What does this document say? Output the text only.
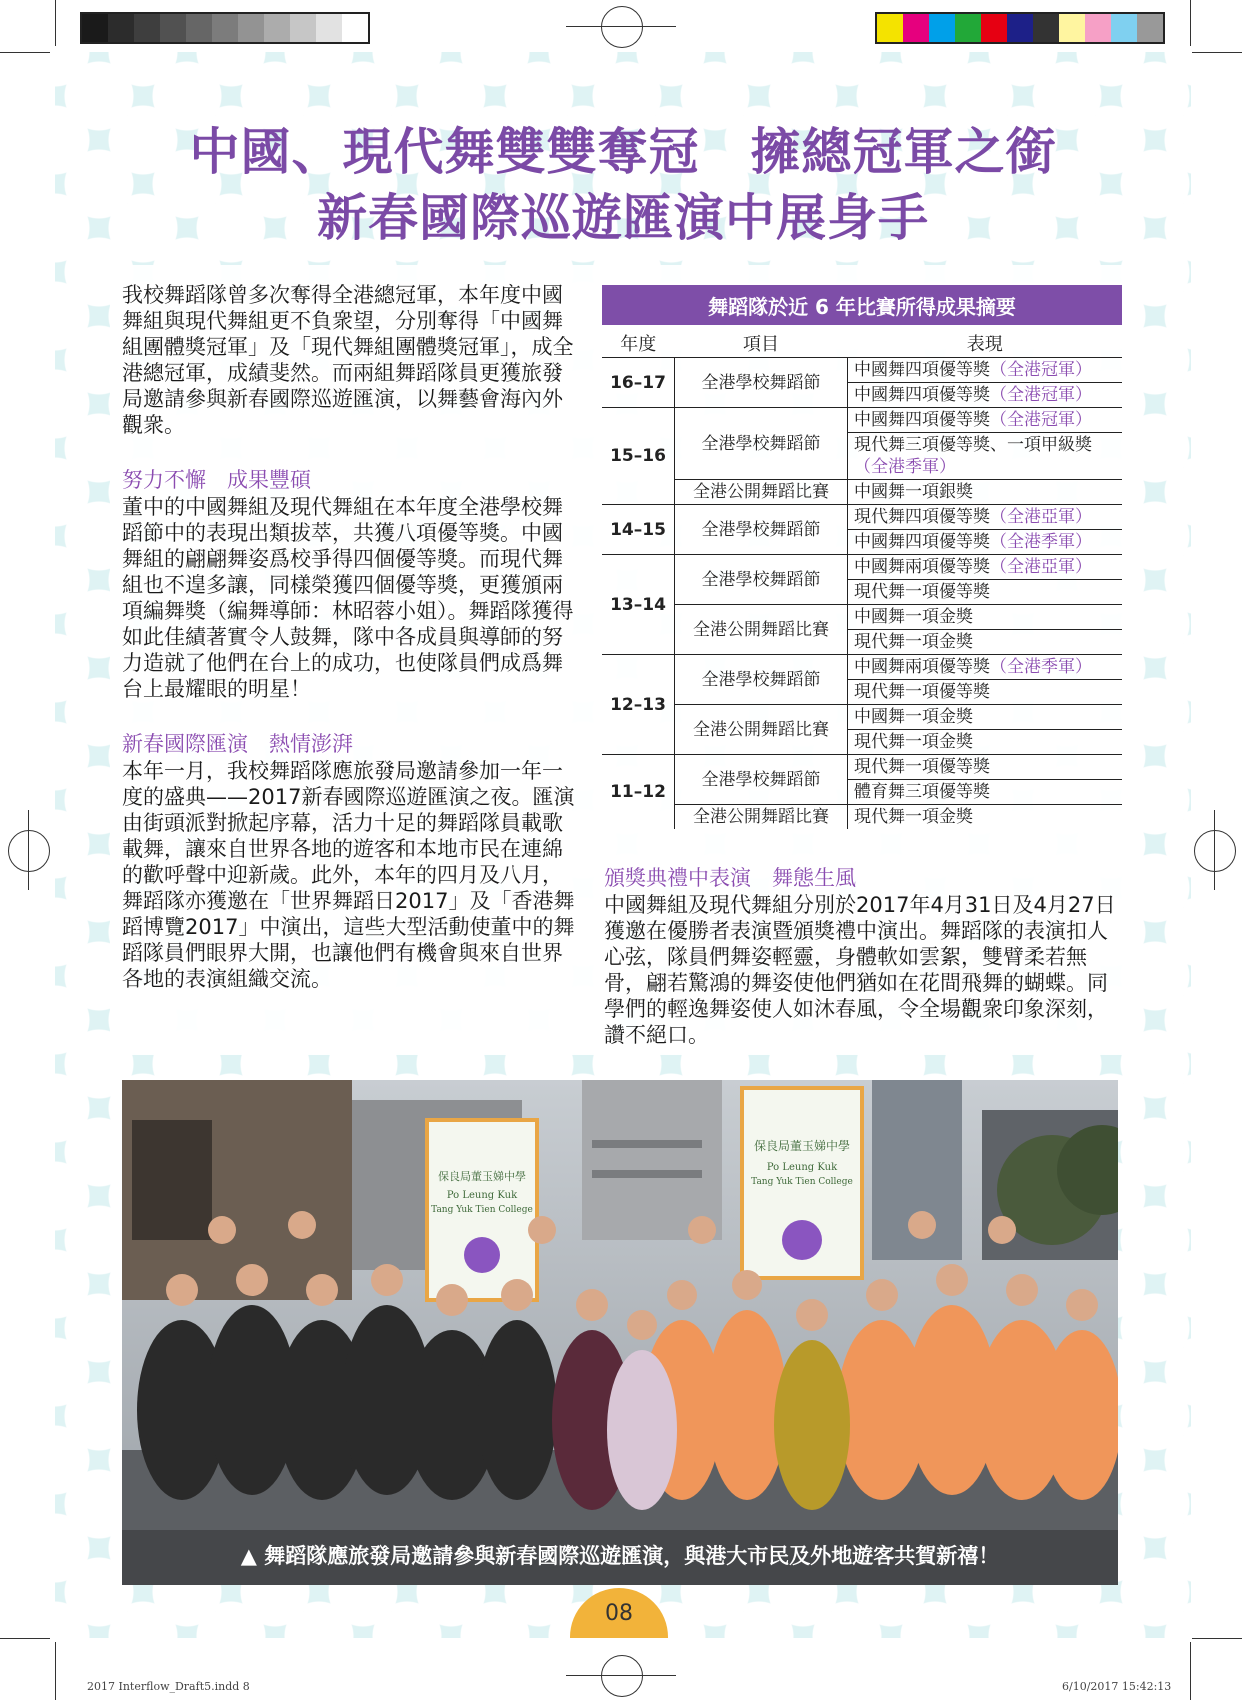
中國、現代舞雙雙奪冠　擁總冠軍之銜
新春國際巡遊匯演中展身手

我校舞蹈隊曾多次奪得全港總冠軍，本年度中國舞組與現代舞組更不負衆望，分別奪得「中國舞組團體獎冠軍」及「現代舞組團體獎冠軍」，成全港總冠軍，成績斐然。而兩組舞蹈隊員更獲旅發局邀請參與新春國際巡遊匯演，以舞藝會海內外觀衆。

努力不懈　成果豐碩

董中的中國舞組及現代舞組在本年度全港學校舞蹈節中的表現出類拔萃，共獲八項優等獎。中國舞組的翩翩舞姿爲校爭得四個優等獎。而現代舞組也不遑多讓，同樣榮獲四個優等獎，更獲頒兩項編舞獎（編舞導師：林昭蓉小姐）。舞蹈隊獲得如此佳績著實令人鼓舞，隊中各成員與導師的努力造就了他們在台上的成功，也使隊員們成爲舞台上最耀眼的明星！

新春國際匯演　熱情澎湃

本年一月，我校舞蹈隊應旅發局邀請參加一年一度的盛典——2017新春國際巡遊匯演之夜。匯演由街頭派對掀起序幕，活力十足的舞蹈隊員載歌載舞，讓來自世界各地的遊客和本地市民在連綿的歡呼聲中迎新歲。此外，本年的四月及八月，舞蹈隊亦獲邀在「世界舞蹈日2017」及「香港舞蹈博覽2017」中演出，這些大型活動使董中的舞蹈隊員們眼界大開，也讓他們有機會與來自世界各地的表演組織交流。

舞蹈隊於近 6 年比賽所得成果摘要
年度	項目	表現
16–17	全港學校舞蹈節	中國舞四項優等獎（全港冠軍）
		中國舞四項優等獎（全港冠軍）
15–16	全港學校舞蹈節	中國舞四項優等獎（全港冠軍）
		現代舞三項優等獎、一項甲級獎
（全港季軍）
	全港公開舞蹈比賽	中國舞一項銀獎
14–15	全港學校舞蹈節	現代舞四項優等獎（全港亞軍）
		中國舞四項優等獎（全港季軍）
13–14	全港學校舞蹈節	中國舞兩項優等獎（全港亞軍）
		現代舞一項優等獎
	全港公開舞蹈比賽	中國舞一項金獎
		現代舞一項金獎
12–13	全港學校舞蹈節	中國舞兩項優等獎（全港季軍）
		現代舞一項優等獎
	全港公開舞蹈比賽	中國舞一項金獎
		現代舞一項金獎
11–12	全港學校舞蹈節	現代舞一項優等獎
		體育舞三項優等獎
	全港公開舞蹈比賽	現代舞一項金獎

頒獎典禮中表演　舞態生風

中國舞組及現代舞組分別於2017年4月31日及4月27日獲邀在優勝者表演暨頒獎禮中演出。舞蹈隊的表演扣人心弦，隊員們舞姿輕靈，身體軟如雲絮，雙臂柔若無骨，翩若驚鴻的舞姿使他們猶如在花間飛舞的蝴蝶。同學們的輕逸舞姿使人如沐春風，令全場觀衆印象深刻，讚不絕口。

保良局董玉娣中學
Po Leung Kuk
Tang Yuk Tien College
保良局董玉娣中學
Po Leung Kuk
Tang Yuk Tien College
▲ 舞蹈隊應旅發局邀請參與新春國際巡遊匯演，與港大市民及外地遊客共賀新禧！
08
2017 Interflow_Draft5.indd 8	6/10/2017 15:42:13
